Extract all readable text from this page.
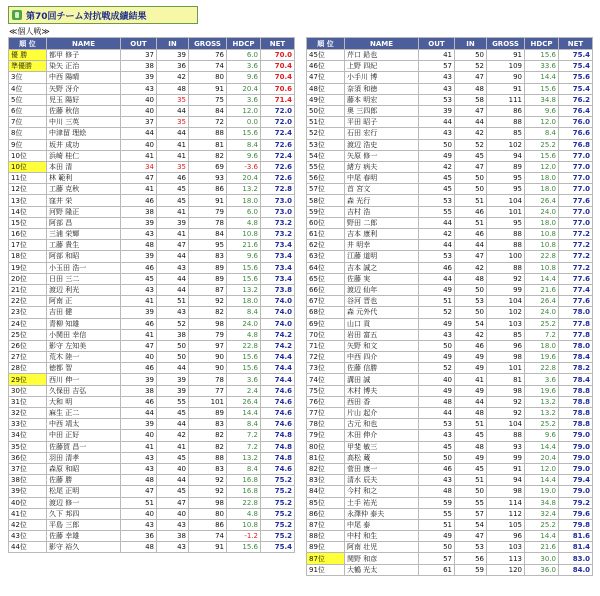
第70回チーム対抗戦成績結果
≪個人戦≫
順 位	NAME	OUT	IN	GROSS	HDCP	NET
優 勝	都甲 修子	37	39	76	6.0	70.0
準優勝	染矢 正治	38	36	74	3.6	70.4
3位	中西 陽晴	39	42	80	9.6	70.4
4位	矢野 冴介	43	48	91	20.4	70.6
5位	児玉 陽好	40	35	75	3.6	71.4
6位	佐藤 秋信	40	44	84	12.0	72.0
7位	中川 三英	37	35	72	0.0	72.0
8位	中津留 理絵	44	44	88	15.6	72.4
9位	坂井 成功	40	41	81	8.4	72.6
10位	浜崎 桂仁	41	41	82	9.6	72.4
10位	本田 清	34	35	69	-3.6	72.6
11位	林 範利	47	46	93	20.4	72.6
12位	工藤 克秋	41	45	86	13.2	72.8
13位	窪井 栄	46	45	91	18.0	73.0
14位	河野 隆正	38	41	79	6.0	73.0
15位	阿部 昌	39	39	78	4.8	73.2
16位	三浦 栄輝	43	41	84	10.8	73.2
17位	工藤 貴生	48	47	95	21.6	73.4
18位	阿部 和昭	39	44	83	9.6	73.4
19位	小玉田 浩一	46	43	89	15.6	73.4
20位	日田 三二	45	44	89	15.6	73.4
21位	渡辺 利光	43	44	87	13.2	73.8
22位	阿南 正	41	51	92	18.0	74.0
23位	吉田 健	39	43	82	8.4	74.0
24位	青柳 知雄	46	52	98	24.0	74.0
25位	小関田 幸信	41	38	79	4.8	74.2
26位	影守 左知美	47	50	97	22.8	74.2
27位	荒木 陸一	40	50	90	15.6	74.4
28位	徳都 智	46	44	90	15.6	74.4
29位	西川 伸一	39	39	78	3.6	74.4
30位	久保田 吉弘	38	39	77	2.4	74.6
31位	大和 明	46	55	101	26.4	74.6
32位	麻生 正二	44	45	89	14.4	74.6
33位	中西 靖太	39	44	83	8.4	74.6
34位	中田 正好	40	42	82	7.2	74.8
35位	佐藤賀 昌一	41	41	82	7.2	74.8
36位	羽田 清孝	43	45	88	13.2	74.8
37位	森原 和昭	43	40	83	8.4	74.6
38位	佐藤 勝	48	44	92	16.8	75.2
39位	松尾 正明	47	45	92	16.8	75.2
40位	渡辺 修一	51	47	98	22.8	75.2
41位	久下 邦四	40	40	80	4.8	75.2
42位	平島 三郎	43	43	86	10.8	75.2
43位	佐藤 幸雄	36	38	74	-1.2	75.2
44位	影守 裕久	48	43	91	15.6	75.4
順 位	NAME	OUT	IN	GROSS	HDCP	NET
45位	芹口 鉛也	41	50	91	15.6	75.4
46位	上野 四紀	57	52	109	33.6	75.4
47位	小手川 博	43	47	90	14.4	75.6
48位	奈須 和徳	43	48	91	15.6	75.4
49位	藤本 明宏	53	58	111	34.8	76.2
50位	奥 三四郎	39	47	86	9.6	76.4
51位	平田 昭子	44	44	88	12.0	76.0
52位	石田 宏行	43	42	85	8.4	76.6
53位	渡辺 浩史	50	52	102	25.2	76.8
54位	矢原 修一	49	45	94	15.6	77.0
55位	緒方 病夫	42	47	89	12.0	77.0
56位	中尾 春明	45	50	95	18.0	77.0
57位	首 宮文	45	50	95	18.0	77.0
58位	森 光行	53	51	104	26.4	77.6
59位	吉村 浩	55	46	101	24.0	77.0
60位	野田 二郎	44	51	95	18.0	77.0
61位	吉本 康利	42	46	88	10.8	77.2
62位	井 明幸	44	44	88	10.8	77.2
63位	江藤 道明	53	47	100	22.8	77.2
64位	吉本 誠之	46	42	88	10.8	77.2
65位	佐藤 実	44	48	92	14.4	77.6
66位	渡辺 仙年	49	50	99	21.6	77.4
67位	谷河 晋也	51	53	104	26.4	77.6
68位	森 元外代	52	50	102	24.0	78.0
69位	山口 貢	49	54	103	25.2	77.8
70位	岩田 富五	43	42	85	7.2	77.8
71位	矢野 和文	50	46	96	18.0	78.0
72位	中西 四介	49	49	98	19.6	78.4
73位	佐藤 信勝	52	49	101	22.8	78.2
74位	溝田 誠	40	41	81	3.6	78.4
75位	木村 博夫	49	49	98	19.6	78.8
76位	西田 香	48	44	92	13.2	78.8
77位	片山 起介	44	48	92	13.2	78.8
78位	古元 和也	53	51	104	25.2	78.8
79位	木田 伸介	43	45	88	9.6	79.0
80位	甲斐 敏三	45	48	93	14.4	79.0
81位	高松 蔵	50	49	99	20.4	79.0
82位	菅田 康一	46	45	91	12.0	79.0
83位	清水 辰夫	43	51	94	14.4	79.4
84位	今村 和之	48	50	98	19.0	79.0
85位	土手 祐光	59	55	114	34.8	79.2
86位	永澤仲 泰夫	55	57	112	32.4	79.6
87位	中尾 泰	51	54	105	25.2	79.8
88位	中村 和生	49	47	96	14.4	81.6
89位	阿南 壮児	50	53	103	21.6	81.4
87位	関野 和彦	57	56	113	30.0	83.0
91位	大鶴 光太	61	59	120	36.0	84.0
